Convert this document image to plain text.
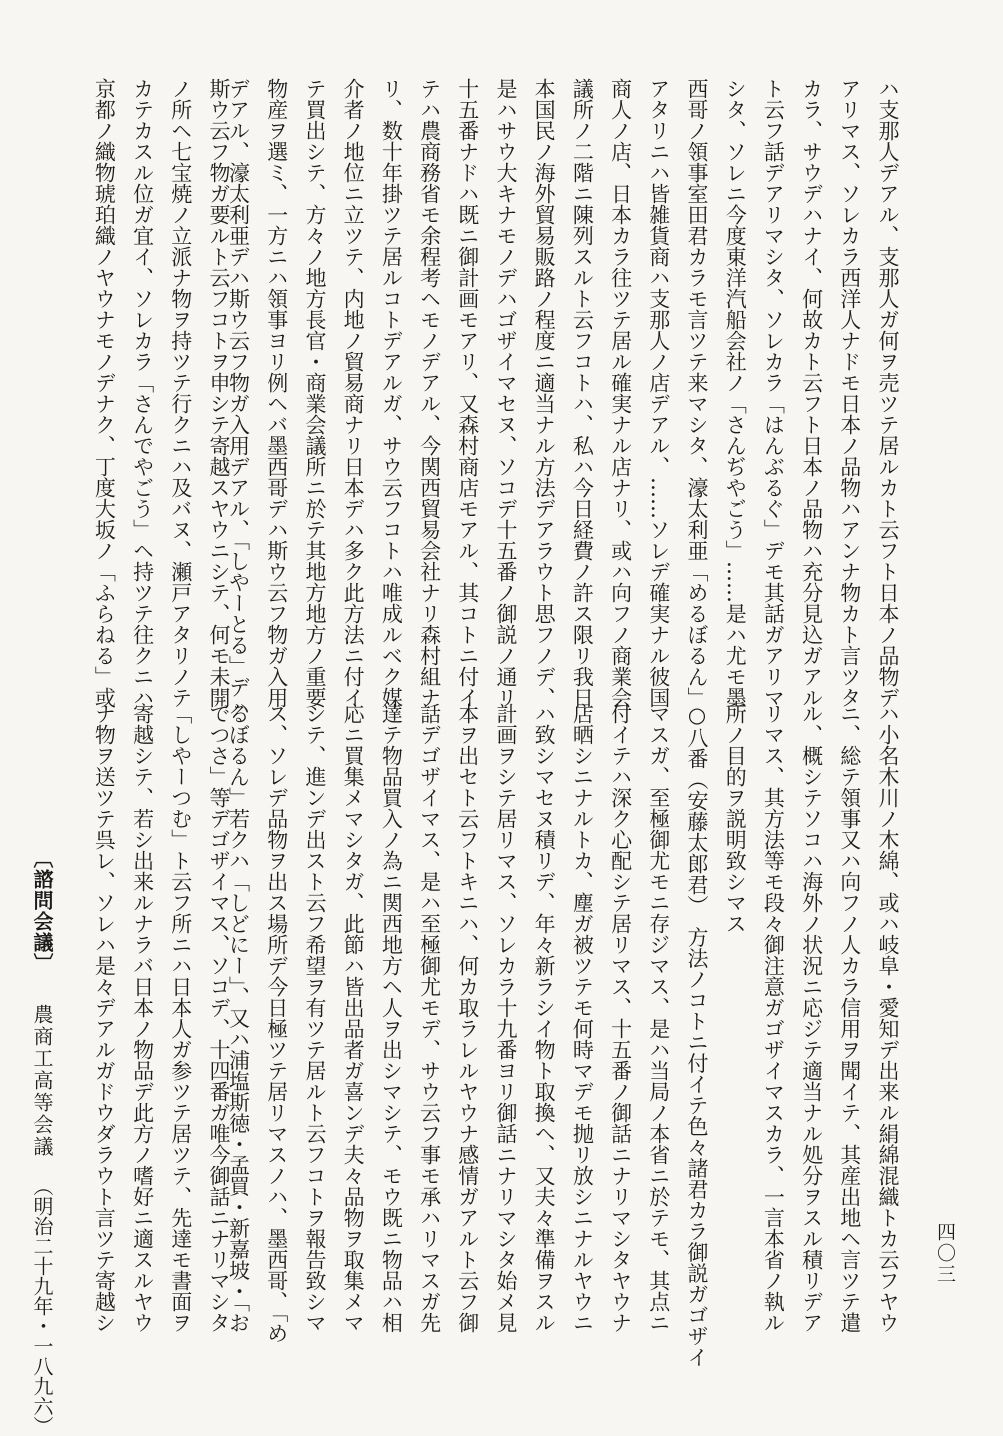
ハ支那人デアル、支那人ガ何ヲ売ツテ居ルカト云フト日本ノ品物デ
アリマス、ソレカラ西洋人ナドモ日本ノ品物ハアンナ物カト言ツタ
カラ、サウデハナイ、何故カト云フト日本ノ品物ハ充分見込ガアル
ト云フ話デアリマシタ、ソレカラ「はんぶるぐ」デモ其話ガアリマ
シタ、ソレニ今度東洋汽船会社ノ「さんぢやごう」……是ハ尤モ墨
西哥ノ領事室田君カラモ言ツテ来マシタ、濠太利亜「めるぼるん」
アタリニハ皆雑貨商ハ支那人ノ店デアル、……ソレデ確実ナル彼国
商人ノ店、日本カラ往ツテ居ル確実ナル店ナリ、或ハ向フノ商業会
議所ノ二階ニ陳列スルト云フコトハ、私ハ今日経費ノ許ス限リ我日
本国民ノ海外貿易販路ノ程度ニ適当ナル方法デアラウト思フノデ、
是ハサウ大キナモノデハゴザイマセヌ、ソコデ十五番ノ御説ノ通リ
十五番ナドハ既ニ御計画モアリ、又森村商店モアル、其コトニ付イ
テハ農商務省モ余程考ヘモノデアル、今関西貿易会社ナリ森村組ナ
リ、数十年掛ツテ居ルコトデアルガ、サウ云フコトハ唯成ルベク媒
介者ノ地位ニ立ツテ、内地ノ貿易商ナリ日本デハ多ク此方法ニ付イ
テ買出シテ、方々ノ地方長官・商業会議所ニ於テ其地方地方ノ重要
物産ヲ選ミ、一方ニハ領事ヨリ例ヘバ墨西哥デハ斯ウ云フ物ガ入用
デアル、濠太利亜デハ斯ウ云フ物ガ入用デアル、「しやーとる」デハ
ハ小名木川ノ木綿、或ハ岐阜・愛知デ出来ル絹綿混織トカ云フヤウ
ニ、総テ領事又ハ向フノ人カラ信用ヲ聞イテ、其産出地ヘ言ツテ遣
ル、概シテソコハ海外ノ状況ニ応ジテ適当ナル処分ヲスル積リデア
リマス、其方法等モ段々御注意ガゴザイマスカラ、一言本省ノ執ル
所ノ目的ヲ説明致シマス
○八番（安藤太郎君）　方法ノコトニ付イテ色々諸君カラ御説ガゴザイ
マスガ、至極御尤モニ存ジマス、是ハ当局ノ本省ニ於テモ、其点ニ
付イテハ深ク心配シテ居リマス、十五番ノ御話ニナリマシタヤウナ
店晒シニナルトカ、塵ガ被ツテモ何時マデモ抛リ放シニナルヤウニ
ハ致シマセヌ積リデ、年々新ラシイ物ト取換ヘ、又夫々準備ヲスル
計画ヲシテ居リマス、ソレカラ十九番ヨリ御話ニナリマシタ始メ見
本ヲ出セト云フトキニハ、何カ取ラレルヤウナ感情ガアルト云フ御
話デゴザイマス、是ハ至極御尤モデ、サウ云フ事モ承ハリマスガ先
達テ物品買入ノ為ニ関西地方ヘ人ヲ出シマシテ、モウ既ニ物品ハ相
応ニ買集メマシタガ、此節ハ皆出品者ガ喜ンデ夫々品物ヲ取集メマ
シテ、進ンデ出スト云フ希望ヲ有ツテ居ルト云フコトヲ報告致シマ
ス、ソレデ品物ヲ出ス場所デ今日極ツテ居リマスノハ、墨西哥、「め
るぼるん」若クハ「しどにー」、又ハ浦塩斯徳・孟買・新嘉坡・「お
斯ウ云フ物ガ要ルト云フコトヲ申シテ寄越スヤウニシテ、何モ未開
ノ所ヘ七宝焼ノ立派ナ物ヲ持ツテ行クニハ及バヌ、瀬戸アタリノテ
カテカスル位ガ宜イ、ソレカラ「さんでやごう」ヘ持ツテ往クニハ
京都ノ織物琥珀織ノヤウナモノデナク、丁度大坂ノ「ふらねる」或
でつさ」等デゴザイマス、ソコデ、十四番ガ唯今御話ニナリマシタ
「しやーつむ」ト云フ所ニハ日本人ガ参ツテ居ツテ、先達モ書面ヲ
寄越シテ、若シ出来ルナラバ日本ノ物品デ此方ノ嗜好ニ適スルヤウ
ナ物ヲ送ツテ呉レ、ソレハ是々デアルガドウダラウト言ツテ寄越シ
〔諮問会議〕農商工高等会議（明治二十九年・一八九六）	四〇三
